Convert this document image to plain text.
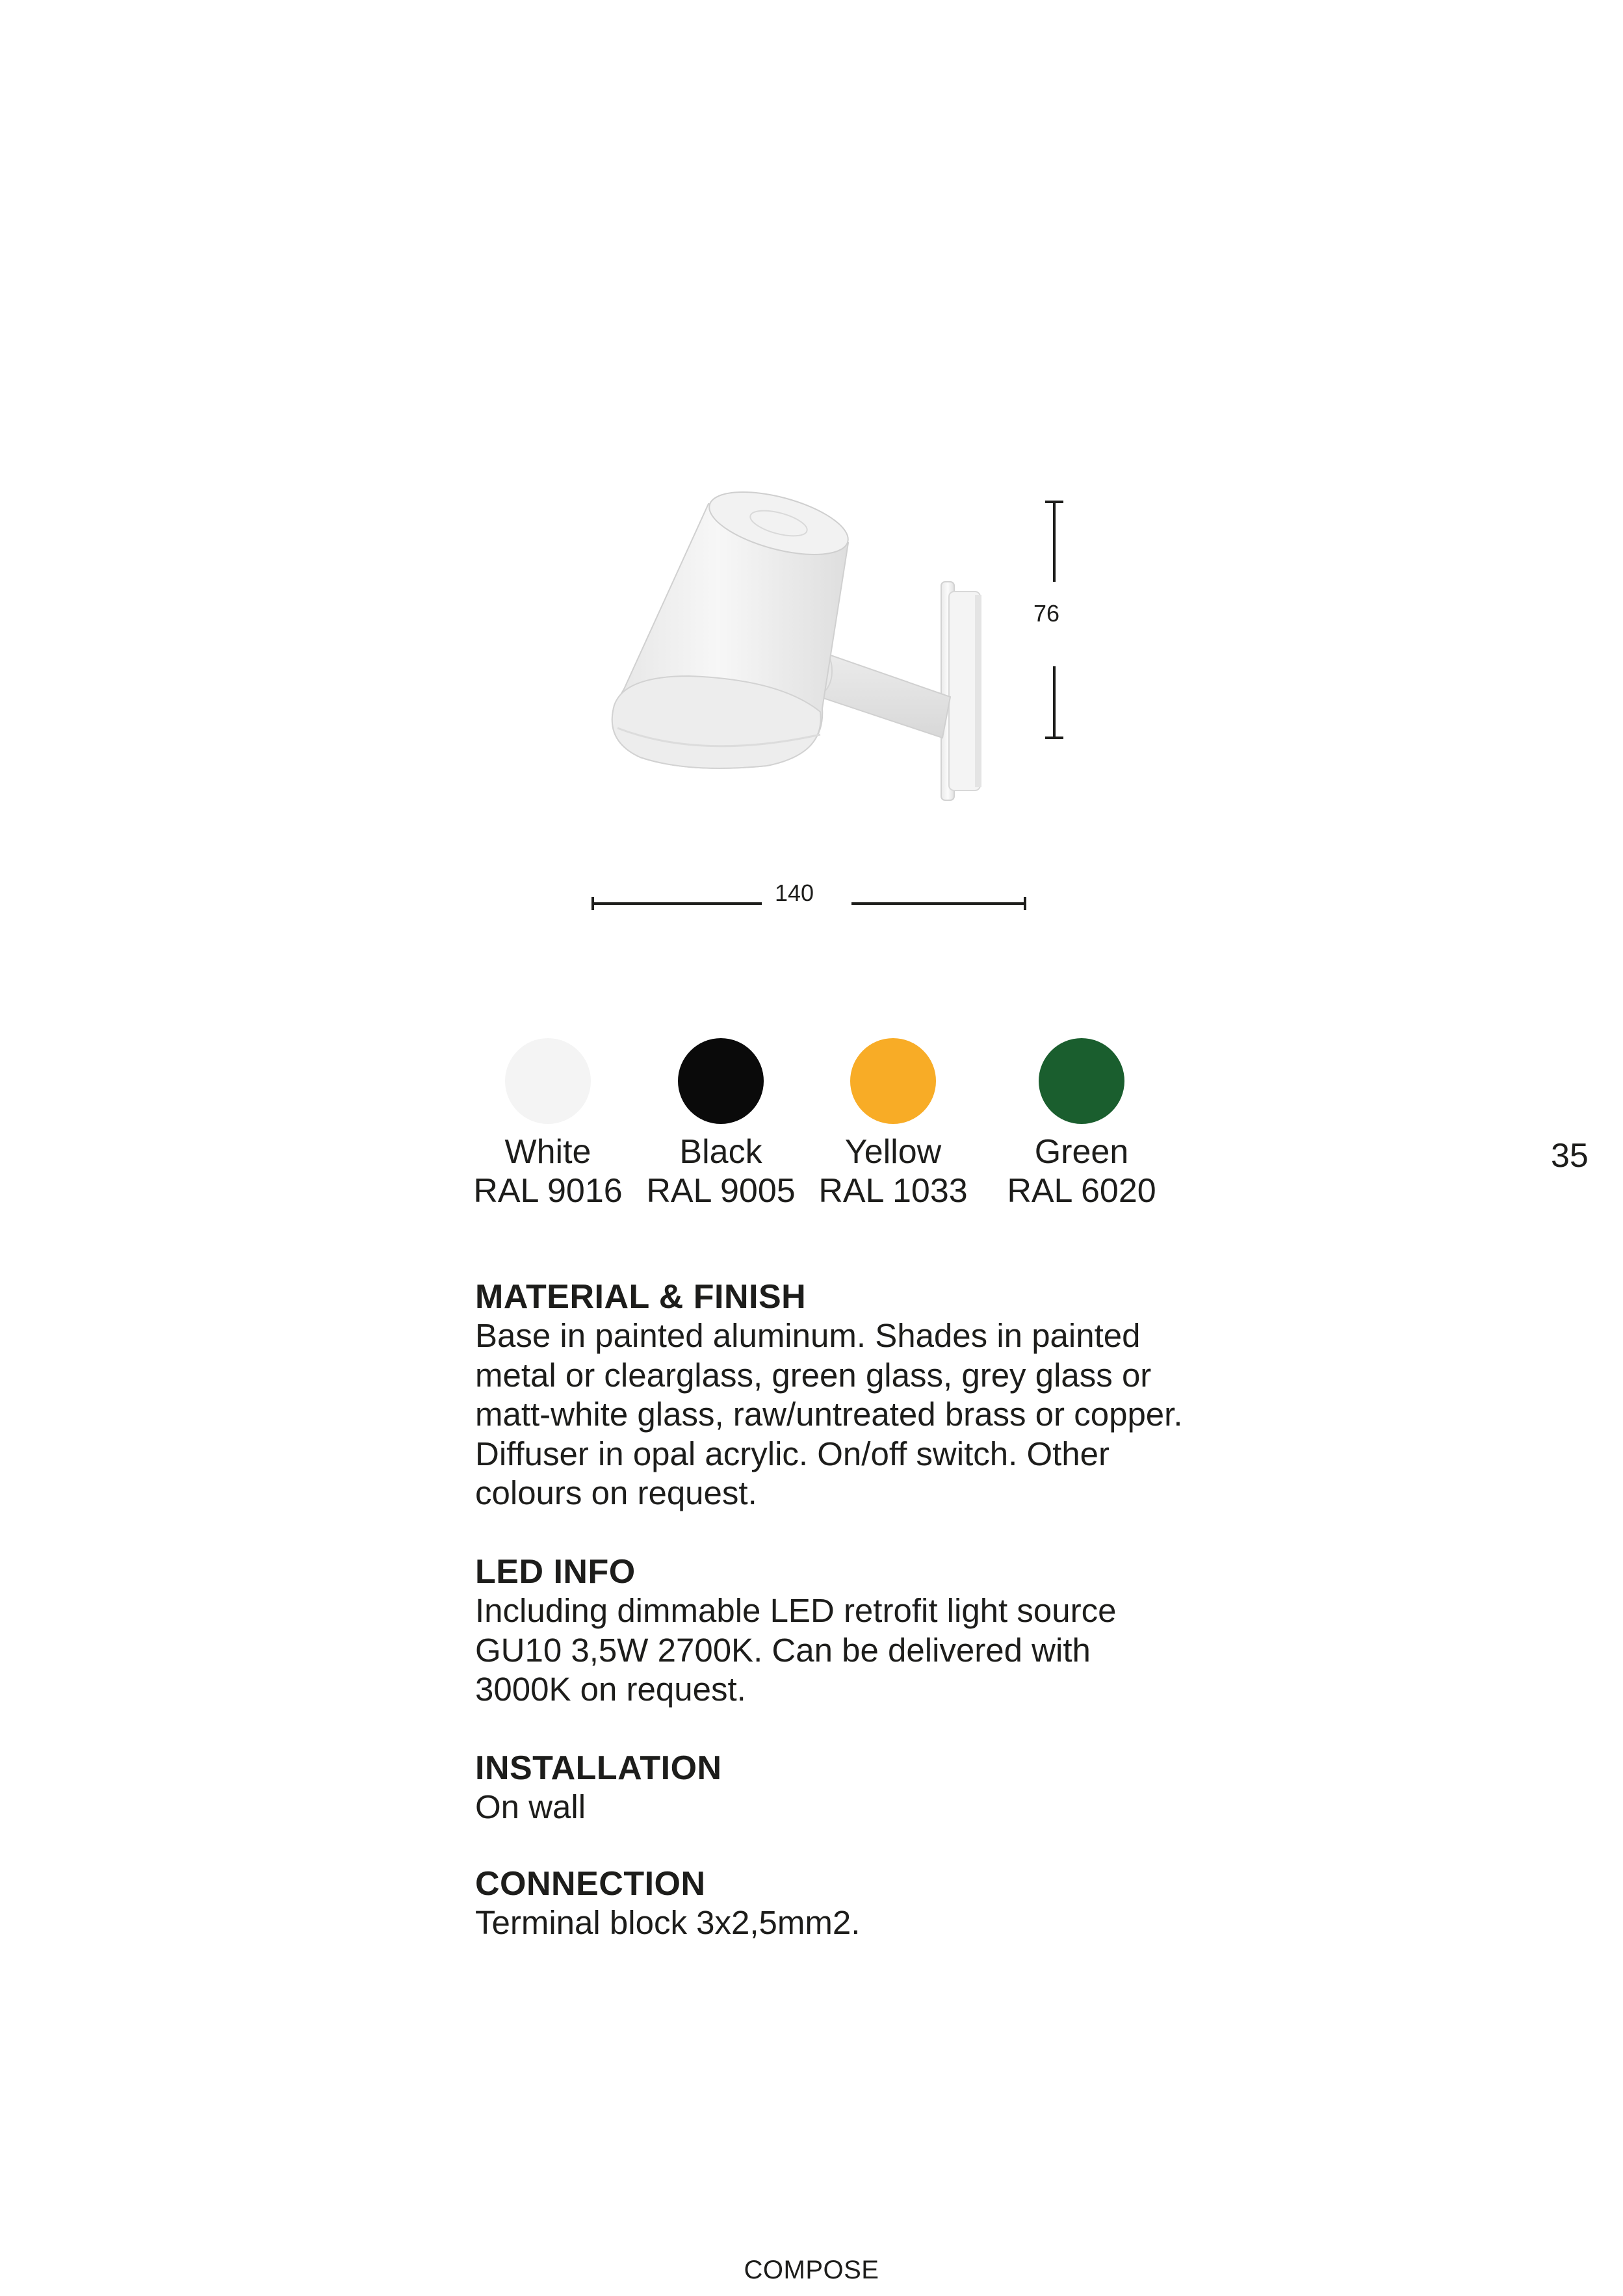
140
76
White
RAL 9016
Black
RAL 9005
Yellow
RAL 1033
Green
RAL 6020
35
MATERIAL & FINISH

Base in painted aluminum. Shades in painted

metal or clearglass, green glass, grey glass or

matt-white glass, raw/untreated brass or copper.

Diffuser in opal acrylic. On/off switch. Other

colours on request.

LED INFO

Including dimmable LED retrofit light source

GU10 3,5W 2700K. Can be delivered with

3000K on request.

INSTALLATION

On wall

CONNECTION

Terminal block 3x2,5mm2.

COMPOSE
